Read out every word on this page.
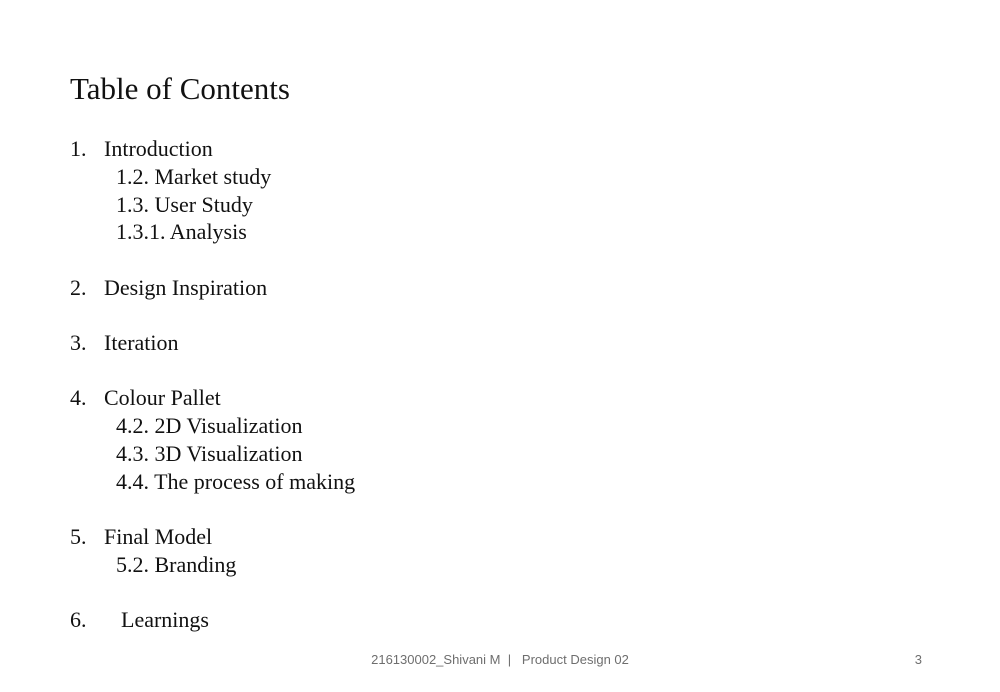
Table of Contents
1. Introduction
1.2. Market study
1.3. User Study
1.3.1. Analysis
2. Design Inspiration
3. Iteration
4. Colour Pallet
4.2. 2D Visualization
4.3. 3D Visualization
4.4. The process of making
5. Final Model
5.2. Branding
6. Learnings
216130002_Shivani M  |   Product Design 02	3
